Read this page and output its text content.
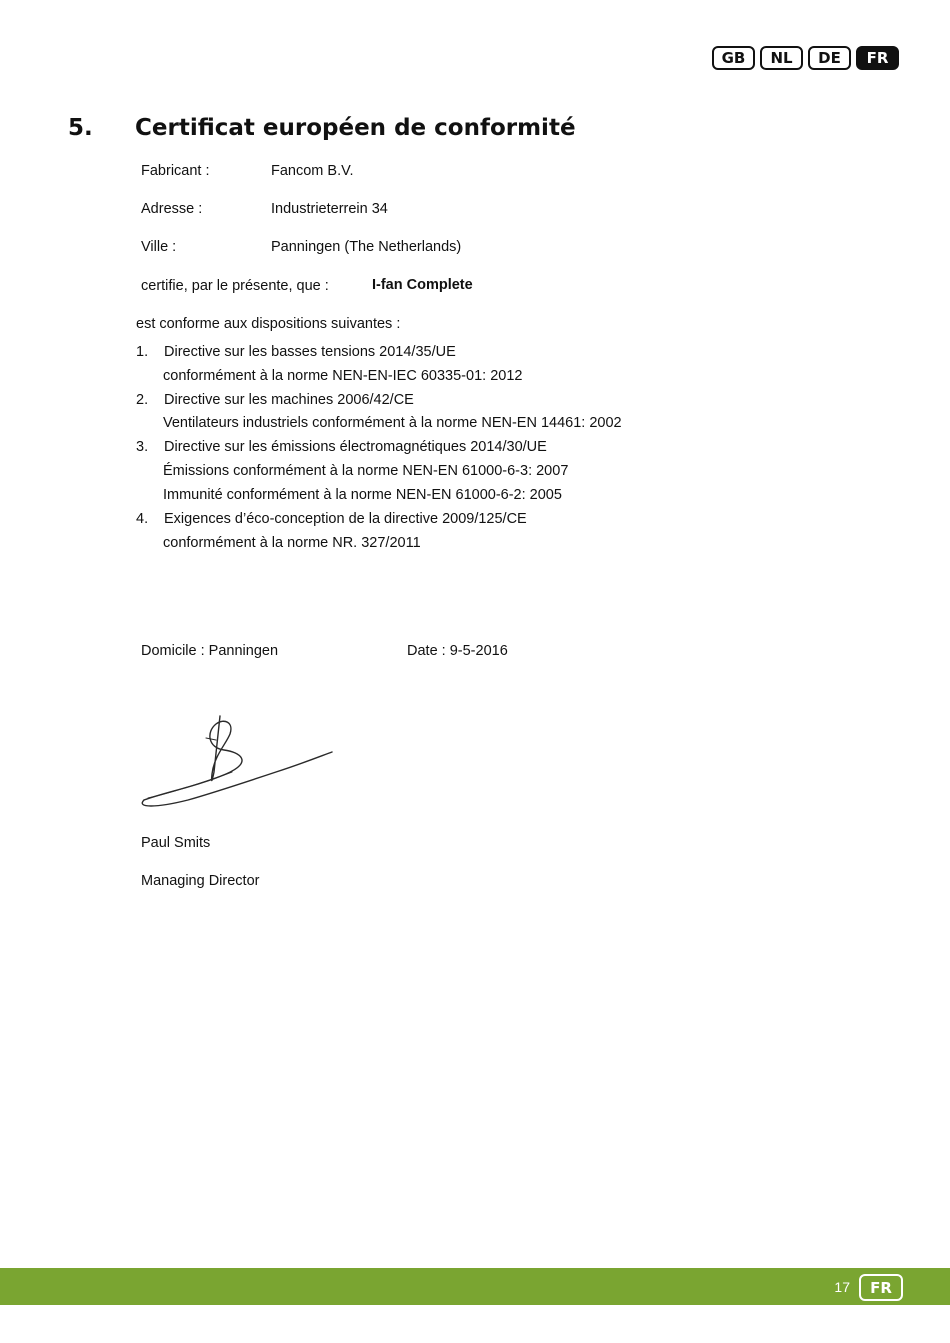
GB	NL	DE	FR
5. Certificat européen de conformité
Fabricant :	Fancom B.V.
Adresse :	Industrieterrein 34
Ville :	Panningen (The Netherlands)
certifie, par le présente, que :	I-fan Complete
est conforme aux dispositions suivantes :
1. Directive sur les basses tensions 2014/35/UE
conformément à la norme NEN-EN-IEC 60335-01: 2012
2. Directive sur les machines 2006/42/CE
Ventilateurs industriels conformément à la norme NEN-EN 14461: 2002
3. Directive sur les émissions électromagnétiques 2014/30/UE
Émissions conformément à la norme NEN-EN 61000-6-3: 2007
Immunité conformément à la norme NEN-EN 61000-6-2: 2005
4. Exigences d’éco-conception de la directive 2009/125/CE
conformément à la norme NR. 327/2011
Domicile : Panningen	Date : 9-5-2016
Paul Smits
Managing Director
17	FR
